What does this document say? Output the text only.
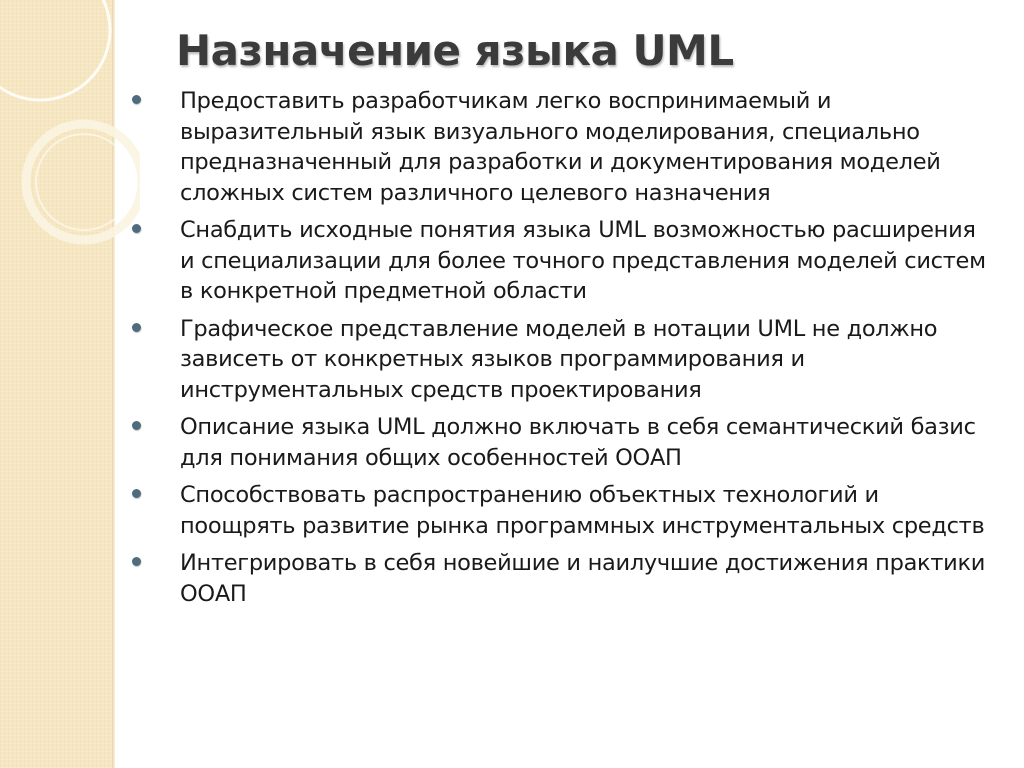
Назначение языка UML
Предоставить разработчикам легко воспринимаемый и выразительный язык визуального моделирования, специально предназначенный для разработки и документирования моделей сложных систем различного целевого назначения
Снабдить исходные понятия языка UML возможностью расширения и специализации для более точного представления моделей систем в конкретной предметной области
Графическое представление моделей в нотации UML не должно зависеть от конкретных языков программирования и инструментальных средств проектирования
Описание языка UML должно включать в себя семантический базис для понимания общих особенностей ООАП
Способствовать распространению объектных технологий и поощрять развитие рынка программных инструментальных средств
Интегрировать в себя новейшие и наилучшие достижения практики ООАП
